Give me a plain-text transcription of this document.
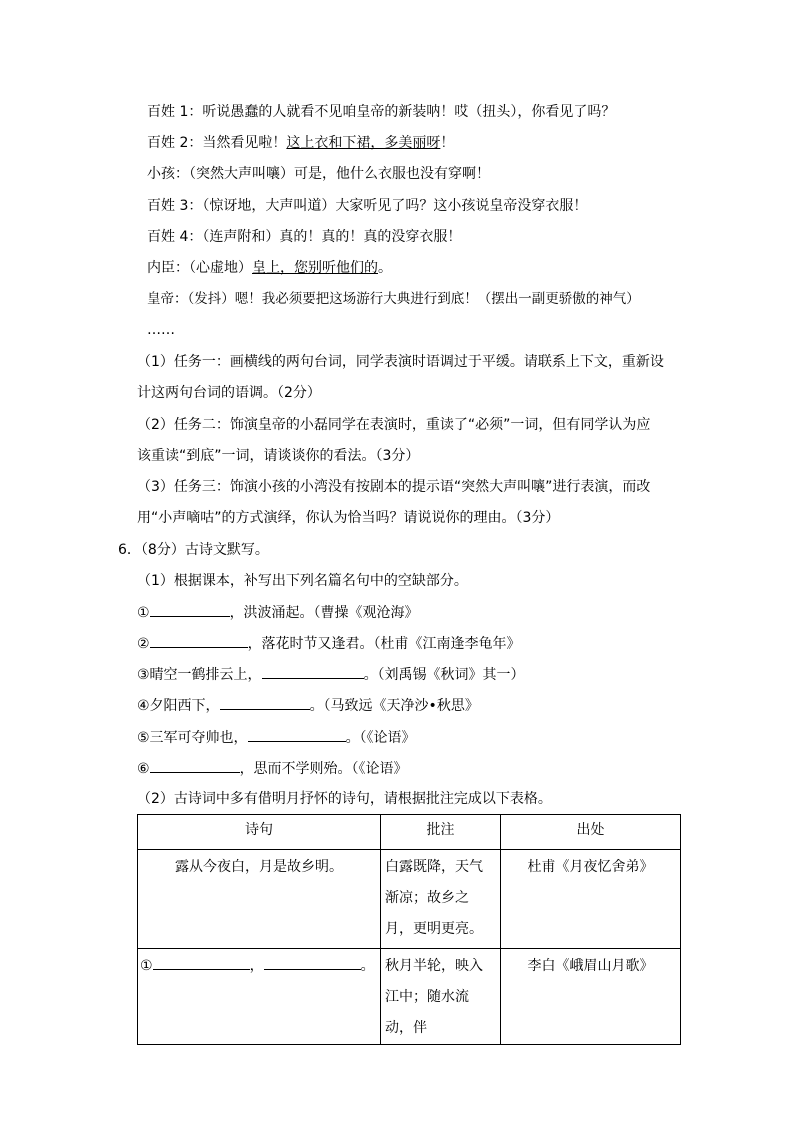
百姓 1：听说愚蠢的人就看不见咱皇帝的新装呐！哎（扭头），你看见了吗？
百姓 2：当然看见啦！这上衣和下裙，多美丽呀！
小孩：（突然大声叫嚷）可是，他什么衣服也没有穿啊！
百姓 3：（惊讶地，大声叫道）大家听见了吗？这小孩说皇帝没穿衣服！
百姓 4：（连声附和）真的！真的！真的没穿衣服！
内臣：（心虚地）皇上，您别听他们的。
皇帝：（发抖）嗯！我必须要把这场游行大典进行到底！（摆出一副更骄傲的神气）
……
（1）任务一：画横线的两句台词，同学表演时语调过于平缓。请联系上下文，重新设
计这两句台词的语调。（2分）
（2）任务二：饰演皇帝的小磊同学在表演时，重读了“必须”一词，但有同学认为应
该重读“到底”一词，请谈谈你的看法。（3分）
（3）任务三：饰演小孩的小湾没有按剧本的提示语“突然大声叫嚷”进行表演，而改
用“小声嘀咕”的方式演绎，你认为恰当吗？请说说你的理由。（3分）
6．（8分）古诗文默写。
（1）根据课本，补写出下列名篇名句中的空缺部分。
①	，洪波涌起。（曹操《观沧海》
②	，落花时节又逢君。（杜甫《江南逢李龟年》
③晴空一鹤排云上，	。（刘禹锡《秋词》其一）
④夕阳西下，	。（马致远《天净沙•秋思》
⑤三军可夺帅也，	。（《论语》
⑥	，思而不学则殆。（《论语》
（2）古诗词中多有借明月抒怀的诗句，请根据批注完成以下表格。
诗句	批注	出处
露从今夜白，月是故乡明。	白露既降，天气渐凉；故乡之月，更明更亮。	杜甫《月夜忆舍弟》
① ， 。	秋月半轮，映入江中；随水流动，伴	李白《峨眉山月歌》
